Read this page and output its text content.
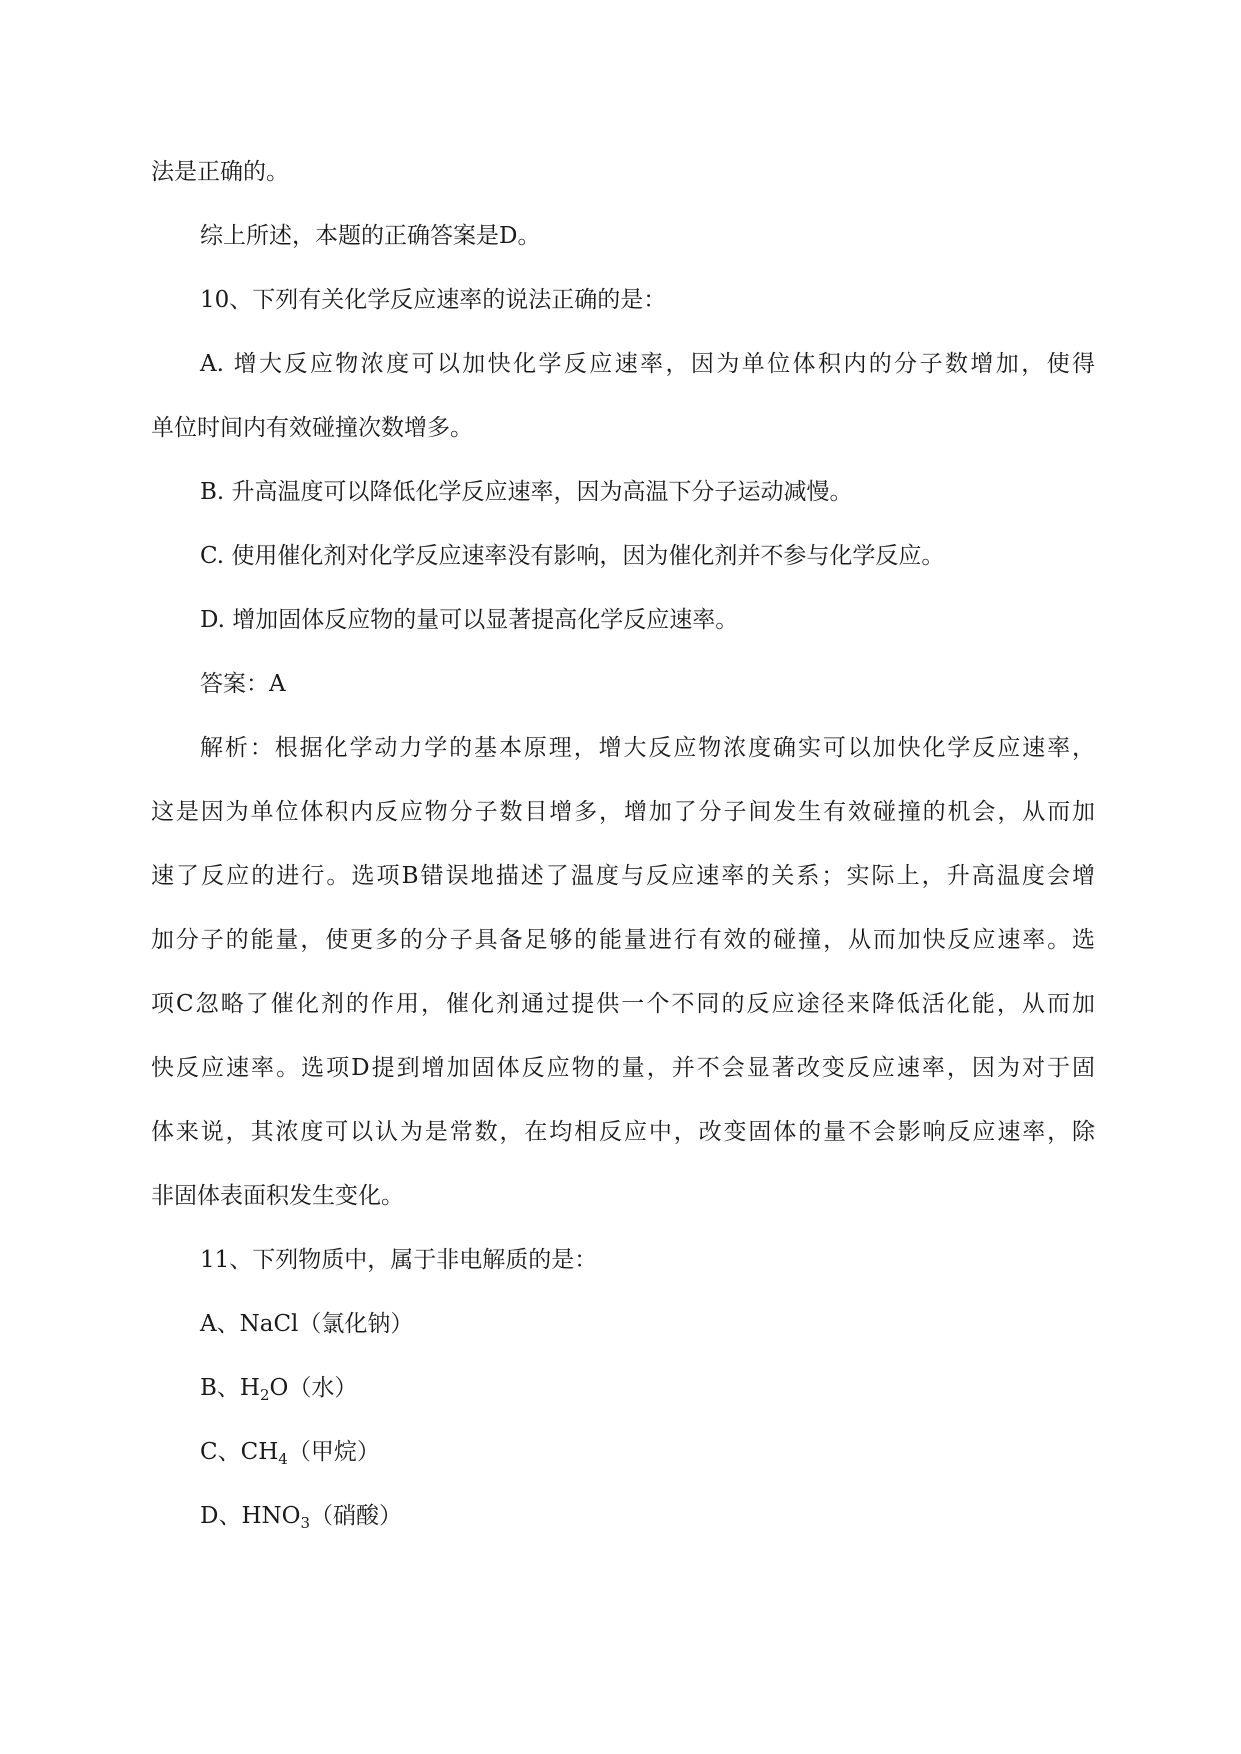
法是正确的。

综上所述，本题的正确答案是D。

10、下列有关化学反应速率的说法正确的是：

A. 增大反应物浓度可以加快化学反应速率，因为单位体积内的分子数增加，使得

单位时间内有效碰撞次数增多。

B. 升高温度可以降低化学反应速率，因为高温下分子运动减慢。

C. 使用催化剂对化学反应速率没有影响，因为催化剂并不参与化学反应。

D. 增加固体反应物的量可以显著提高化学反应速率。

答案：A

解析：根据化学动力学的基本原理，增大反应物浓度确实可以加快化学反应速率，

这是因为单位体积内反应物分子数目增多，增加了分子间发生有效碰撞的机会，从而加

速了反应的进行。选项B错误地描述了温度与反应速率的关系；实际上，升高温度会增

加分子的能量，使更多的分子具备足够的能量进行有效的碰撞，从而加快反应速率。选

项C忽略了催化剂的作用，催化剂通过提供一个不同的反应途径来降低活化能，从而加

快反应速率。选项D提到增加固体反应物的量，并不会显著改变反应速率，因为对于固

体来说，其浓度可以认为是常数，在均相反应中，改变固体的量不会影响反应速率，除

非固体表面积发生变化。

11、下列物质中，属于非电解质的是：

A、NaCl（氯化钠）

B、$H_2O$（水）

C、$CH_4$（甲烷）

D、$HNO_3$（硝酸）
